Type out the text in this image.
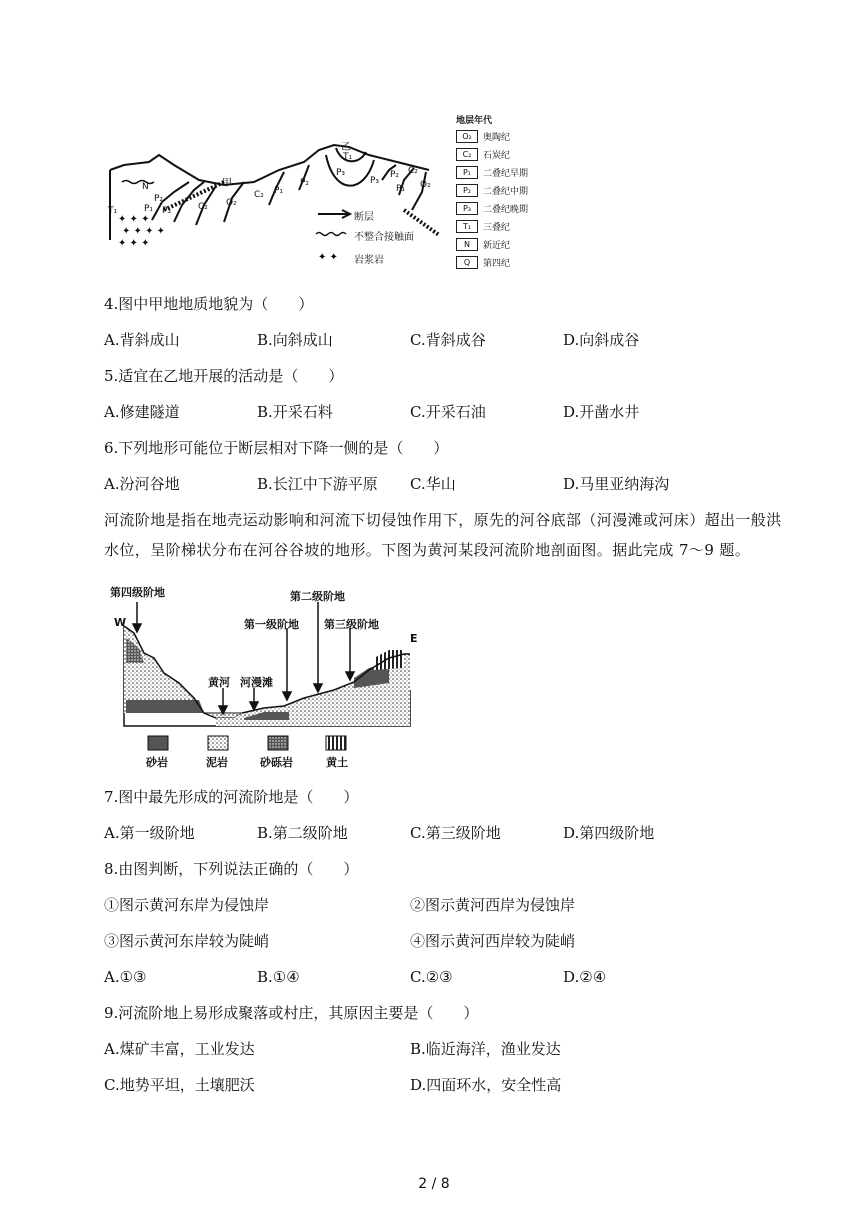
✦ ✦ ✦
✦ ✦ ✦ ✦
✦ ✦ ✦
✦ ✦
甲
乙
N
T₁	P₁
P₂
P₃	C₂ O₂
C₂ P₁
P₂
P₃
T₁
P₃
P₂
P₁
C₂
O₂
断层
不整合接触面
岩浆岩
地层年代
O₂	奥陶纪
C₂	石炭纪
P₁	二叠纪早期
P₂	二叠纪中期
P₃	二叠纪晚期
T₁	三叠纪
N	新近纪
Q	第四纪
4.图中甲地地质地貌为（　　）
A.背斜成山	B.向斜成山	C.背斜成谷	D.向斜成谷
5.适宜在乙地开展的活动是（　　）
A.修建隧道	B.开采石料	C.开采石油	D.开凿水井
6.下列地形可能位于断层相对下降一侧的是（　　）
A.汾河谷地	B.长江中下游平原 C.华山	D.马里亚纳海沟
河流阶地是指在地壳运动影响和河流下切侵蚀作用下，原先的河谷底部（河漫滩或河床）超出一般洪水位，呈阶梯状分布在河谷谷坡的地形。下图为黄河某段河流阶地剖面图。据此完成 7～9 题。
第四级阶地	第二级阶地
第一级阶地 第三级阶地
W
E
黄河 河漫滩
砂岩	泥岩	砂砾岩	黄土
7.图中最先形成的河流阶地是（　　）
A.第一级阶地	B.第二级阶地	C.第三级阶地	D.第四级阶地
8.由图判断，下列说法正确的（　　）
①图示黄河东岸为侵蚀岸	②图示黄河西岸为侵蚀岸
③图示黄河东岸较为陡峭	④图示黄河西岸较为陡峭
A.①③	B.①④	C.②③	D.②④
9.河流阶地上易形成聚落或村庄，其原因主要是（　　）
A.煤矿丰富，工业发达	B.临近海洋，渔业发达
C.地势平坦，土壤肥沃	D.四面环水，安全性高
2 / 8
